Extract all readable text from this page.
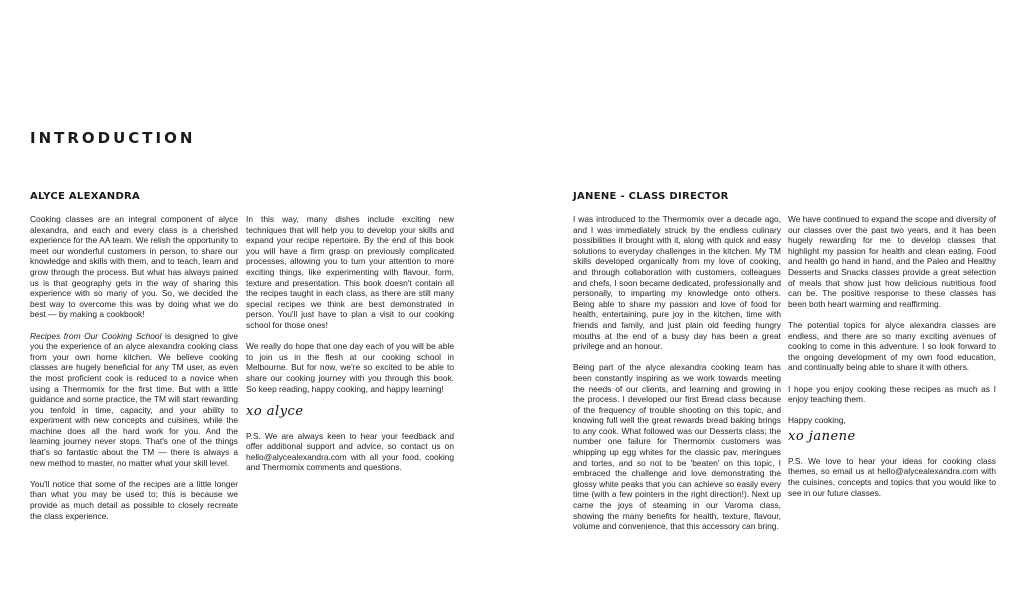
INTRODUCTION
ALYCE ALEXANDRA

Cooking classes are an integral component of alyce alexandra, and each and every class is a cherished experience for the AA team. We relish the opportunity to meet our wonderful customers in person, to share our knowledge and skills with them, and to teach, learn and grow through the process. But what has always pained us is that geography gets in the way of sharing this experience with so many of you. So, we decided the best way to overcome this was by doing what we do best — by making a cookbook!

Recipes from Our Cooking School is designed to give you the experience of an alyce alexandra cooking class from your own home kitchen. We believe cooking classes are hugely beneficial for any TM user, as even the most proficient cook is reduced to a novice when using a Thermomix for the first time. But with a little guidance and some practice, the TM will start rewarding you tenfold in time, capacity, and your ability to experiment with new concepts and cuisines, while the machine does all the hard work for you. And the learning journey never stops. That's one of the things that's so fantastic about the TM — there is always a new method to master, no matter what your skill level.

You'll notice that some of the recipes are a little longer than what you may be used to; this is because we provide as much detail as possible to closely recreate the class experience.

In this way, many dishes include exciting new techniques that will help you to develop your skills and expand your recipe repertoire. By the end of this book you will have a firm grasp on previously complicated processes, allowing you to turn your attention to more exciting things, like experimenting with flavour, form, texture and presentation. This book doesn't contain all the recipes taught in each class, as there are still many special recipes we think are best demonstrated in person. You'll just have to plan a visit to our cooking school for those ones!

We really do hope that one day each of you will be able to join us in the flesh at our cooking school in Melbourne. But for now, we're so excited to be able to share our cooking journey with you through this book. So keep reading, happy cooking, and happy learning!

xo alyce

P.S. We are always keen to hear your feedback and offer additional support and advice, so contact us on hello@alycealexandra.com with all your food, cooking and Thermomix comments and questions.

JANENE - CLASS DIRECTOR

I was introduced to the Thermomix over a decade ago, and I was immediately struck by the endless culinary possibilities it brought with it, along with quick and easy solutions to everyday challenges in the kitchen. My TM skills developed organically from my love of cooking, and through collaboration with customers, colleagues and chefs, I soon became dedicated, professionally and personally, to imparting my knowledge onto others. Being able to share my passion and love of food for health, entertaining, pure joy in the kitchen, time with friends and family, and just plain old feeding hungry mouths at the end of a busy day has been a great privilege and an honour.

Being part of the alyce alexandra cooking team has been constantly inspiring as we work towards meeting the needs of our clients, and learning and growing in the process. I developed our first Bread class because of the frequency of trouble shooting on this topic, and knowing full well the great rewards bread baking brings to any cook. What followed was our Desserts class; the number one failure for Thermomix customers was whipping up egg whites for the classic pav, meringues and tortes, and so not to be 'beaten' on this topic, I embraced the challenge and love demonstrating the glossy white peaks that you can achieve so easily every time (with a few pointers in the right direction!). Next up came the joys of steaming in our Varoma class, showing the many benefits for health, texture, flavour, volume and convenience, that this accessory can bring.

We have continued to expand the scope and diversity of our classes over the past two years, and it has been hugely rewarding for me to develop classes that highlight my passion for health and clean eating. Food and health go hand in hand, and the Paleo and Healthy Desserts and Snacks classes provide a great selection of meals that show just how delicious nutritious food can be. The positive response to these classes has been both heart warming and reaffirming.

The potential topics for alyce alexandra classes are endless, and there are so many exciting avenues of cooking to come in this adventure. I so look forward to the ongoing development of my own food education, and continually being able to share it with others.

I hope you enjoy cooking these recipes as much as I enjoy teaching them.

Happy cooking,

xo janene

P.S. We love to hear your ideas for cooking class themes, so email us at hello@alycealexandra.com with the cuisines, concepts and topics that you would like to see in our future classes.
